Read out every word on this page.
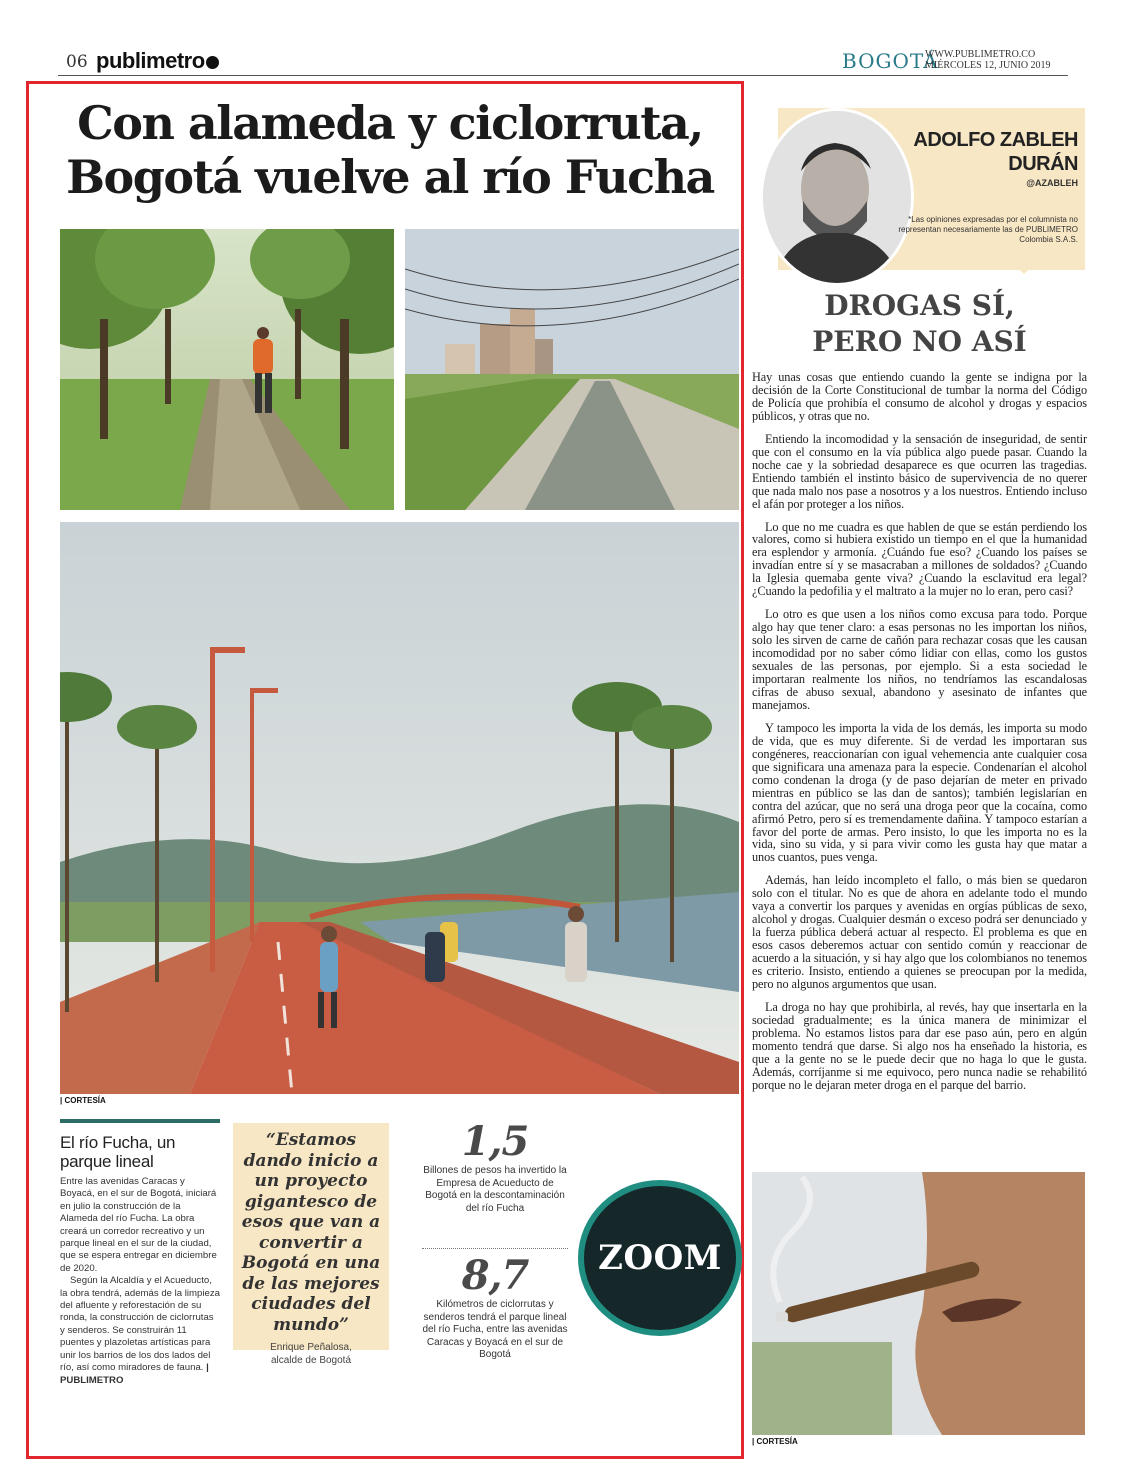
06 publimetro	BOGOTÁ
WWW.PUBLIMETRO.CO
MIÉRCOLES 12, JUNIO 2019
Con alameda y ciclorruta,
Bogotá vuelve al río Fucha
| CORTESÍA
El río Fucha, un parque lineal
Entre las avenidas Caracas y Boyacá, en el sur de Bogotá, iniciará en julio la construcción de la Alameda del río Fucha. La obra creará un corredor recreativo y un parque lineal en el sur de la ciudad, que se espera entregar en diciembre de 2020.
Según la Alcaldía y el Acueducto, la obra tendrá, además de la limpieza del afluente y reforestación de su ronda, la construcción de ciclorrutas y senderos. Se construirán 11 puentes y plazoletas artísticas para unir los barrios de los dos lados del río, así como miradores de fauna. | PUBLIMETRO
“Estamos dando inicio a un proyecto gigantesco de esos que van a convertir a Bogotá en una de las mejores ciudades del mundo”
Enrique Peñalosa,
alcalde de Bogotá
1,5
Billones de pesos ha invertido la Empresa de Acueducto de Bogotá en la descontaminación del río Fucha
8,7
Kilómetros de ciclorrutas y senderos tendrá el parque lineal del río Fucha, entre las avenidas Caracas y Boyacá en el sur de Bogotá
ZOOM
ADOLFO ZABLEH
DURÁN
@AZABLEH
*Las opiniones expresadas por el columnista no representan necesariamente las de PUBLIMETRO Colombia S.A.S.
DROGAS SÍ,
PERO NO ASÍ

Hay unas cosas que entiendo cuando la gente se indigna por la decisión de la Corte Constitucional de tumbar la norma del Código de Policía que prohibía el consumo de alcohol y drogas y espacios públicos, y otras que no.

Entiendo la incomodidad y la sensación de inseguridad, de sentir que con el consumo en la vía pública algo puede pasar. Cuando la noche cae y la sobriedad desaparece es que ocurren las tragedias. Entiendo también el instinto básico de supervivencia de no querer que nada malo nos pase a nosotros y a los nuestros. Entiendo incluso el afán por proteger a los niños.

Lo que no me cuadra es que hablen de que se están perdiendo los valores, como si hubiera existido un tiempo en el que la humanidad era esplendor y armonía. ¿Cuándo fue eso? ¿Cuando los países se invadían entre sí y se masacraban a millones de soldados? ¿Cuando la Iglesia quemaba gente viva? ¿Cuando la esclavitud era legal? ¿Cuando la pedofilia y el maltrato a la mujer no lo eran, pero casi?

Lo otro es que usen a los niños como excusa para todo. Porque algo hay que tener claro: a esas personas no les importan los niños, solo les sirven de carne de cañón para rechazar cosas que les causan incomodidad por no saber cómo lidiar con ellas, como los gustos sexuales de las personas, por ejemplo. Si a esta sociedad le importaran realmente los niños, no tendríamos las escandalosas cifras de abuso sexual, abandono y asesinato de infantes que manejamos.

Y tampoco les importa la vida de los demás, les importa su modo de vida, que es muy diferente. Si de verdad les importaran sus congéneres, reaccionarían con igual vehemencia ante cualquier cosa que significara una amenaza para la especie. Condenarían el alcohol como condenan la droga (y de paso dejarían de meter en privado mientras en público se las dan de santos); también legislarían en contra del azúcar, que no será una droga peor que la cocaína, como afirmó Petro, pero sí es tremendamente dañina. Y tampoco estarían a favor del porte de armas. Pero insisto, lo que les importa no es la vida, sino su vida, y si para vivir como les gusta hay que matar a unos cuantos, pues venga.

Además, han leído incompleto el fallo, o más bien se quedaron solo con el titular. No es que de ahora en adelante todo el mundo vaya a convertir los parques y avenidas en orgías públicas de sexo, alcohol y drogas. Cualquier desmán o exceso podrá ser denunciado y la fuerza pública deberá actuar al respecto. El problema es que en esos casos deberemos actuar con sentido común y reaccionar de acuerdo a la situación, y si hay algo que los colombianos no tenemos es criterio. Insisto, entiendo a quienes se preocupan por la medida, pero no algunos argumentos que usan.

La droga no hay que prohibirla, al revés, hay que insertarla en la sociedad gradualmente; es la única manera de minimizar el problema. No estamos listos para dar ese paso aún, pero en algún momento tendrá que darse. Si algo nos ha enseñado la historia, es que a la gente no se le puede decir que no haga lo que le gusta. Además, corríjanme si me equivoco, pero nunca nadie se rehabilitó porque no le dejaran meter droga en el parque del barrio.

| CORTESÍA
